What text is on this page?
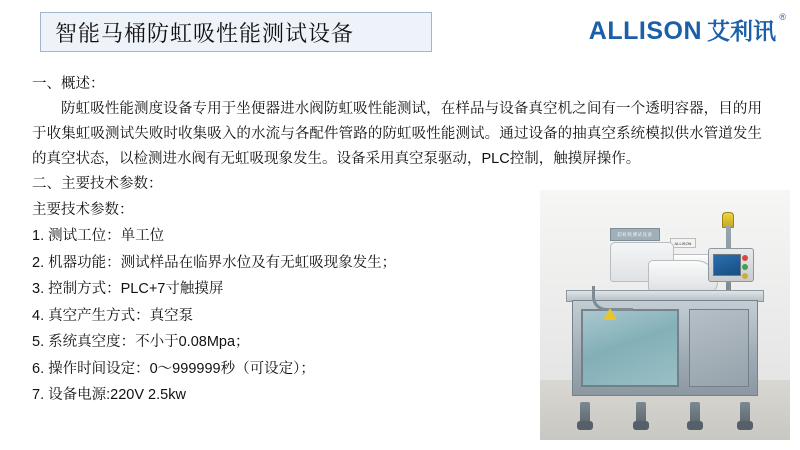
智能马桶防虹吸性能测试设备	ALLISON 艾利讯
®
一、概述：
防虹吸性能测度设备专用于坐便器进水阀防虹吸性能测试，在样品与设备真空机之间有一个透明容器，目的用于收集虹吸测试失败时收集吸入的水流与各配件管路的防虹吸性能测试。通过设备的抽真空系统模拟供水管道发生的真空状态，以检测进水阀有无虹吸现象发生。设备采用真空泵驱动，PLC控制，触摸屏操作。
二、主要技术参数：
主要技术参数：
1. 测试工位：单工位
2. 机器功能：测试样品在临界水位及有无虹吸现象发生；
3. 控制方式：PLC+7寸触摸屏
4. 真空产生方式：真空泵
5. 系统真空度：不小于0.08Mpa；
6. 操作时间设定：0～999999秒（可设定）；
7. 设备电源:220V 2.5kw
防虹吸测试设备
ALLISON
